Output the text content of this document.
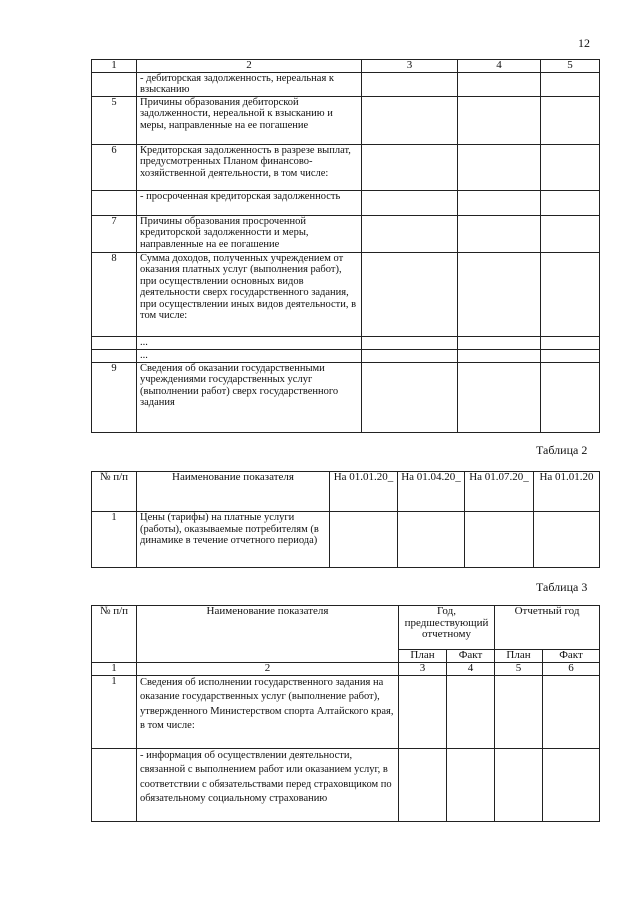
12
1	2	3	4	5
	- дебиторская задолженность, нереальная к взысканию			
5	Причины образования дебиторской задолженности, нереальной к взысканию и меры, направленные на ее погашение			
6	Кредиторская задолженность в разрезе выплат, предусмотренных Планом финансово-хозяйственной деятельности, в том числе:			
	- просроченная кредиторская задолженность			
7	Причины образования просроченной кредиторской задолженности и меры, направленные на ее погашение			
8	Сумма доходов, полученных учреждением от оказания платных услуг (выполнения работ), при осуществлении основных видов деятельности сверх государственного задания, при осуществлении иных видов деятельности, в том числе:			
	...			
	...			
9	Сведения об оказании государственными учреждениями государственных услуг (выполнении работ) сверх государственного задания			
Таблица 2
№ п/п	Наименование показателя	На 01.01.20_	На 01.04.20_	На 01.07.20_	На 01.01.20
1	Цены (тарифы) на платные услуги (работы), оказываемые потребителям (в динамике в течение отчетного периода)				
Таблица 3
№ п/п	Наименование показателя	Год, предшествующий отчетному		Отчетный год	
		План	Факт	План	Факт
1	2	3	4	5	6
1	Сведения об исполнении государственного задания на оказание государственных услуг (выполнение работ), утвержденного Министерством спорта Алтайского края, в том числе:				
	- информация об осуществлении деятельности, связанной с выполнением работ или оказанием услуг, в соответствии с обязательствами перед страховщиком по обязательному социальному страхованию				
